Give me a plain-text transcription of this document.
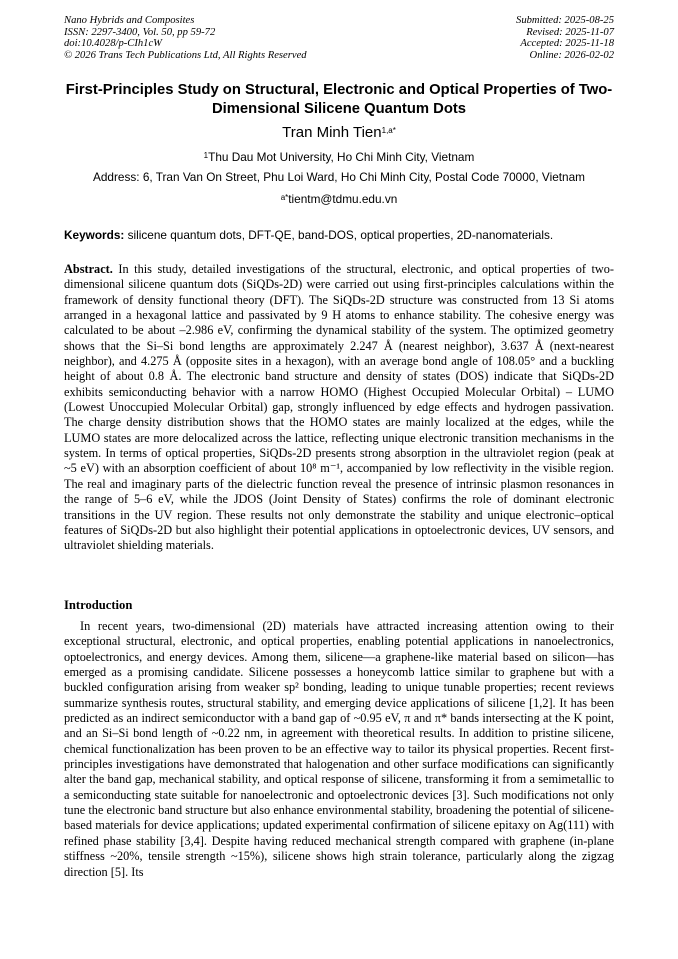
Nano Hybrids and Composites
ISSN: 2297-3400, Vol. 50, pp 59-72
doi:10.4028/p-CIh1cW
© 2026 Trans Tech Publications Ltd, All Rights Reserved
Submitted: 2025-08-25
Revised: 2025-11-07
Accepted: 2025-11-18
Online: 2026-02-02
First-Principles Study on Structural, Electronic and Optical Properties of Two-Dimensional Silicene Quantum Dots
Tran Minh Tien$^{1,a*}$
$^1$Thu Dau Mot University, Ho Chi Minh City, Vietnam
Address: 6, Tran Van On Street, Phu Loi Ward, Ho Chi Minh City, Postal Code 70000, Vietnam
$^{a*}$tientm@tdmu.edu.vn
Keywords: silicene quantum dots, DFT-QE, band-DOS, optical properties, 2D-nanomaterials.
Abstract. In this study, detailed investigations of the structural, electronic, and optical properties of two-dimensional silicene quantum dots (SiQDs-2D) were carried out using first-principles calculations within the framework of density functional theory (DFT). The SiQDs-2D structure was constructed from 13 Si atoms arranged in a hexagonal lattice and passivated by 9 H atoms to enhance stability. The cohesive energy was calculated to be about –2.986 eV, confirming the dynamical stability of the system. The optimized geometry shows that the Si–Si bond lengths are approximately 2.247 Å (nearest neighbor), 3.637 Å (next-nearest neighbor), and 4.275 Å (opposite sites in a hexagon), with an average bond angle of 108.05° and a buckling height of about 0.8 Å. The electronic band structure and density of states (DOS) indicate that SiQDs-2D exhibits semiconducting behavior with a narrow HOMO (Highest Occupied Molecular Orbital) – LUMO (Lowest Unoccupied Molecular Orbital) gap, strongly influenced by edge effects and hydrogen passivation. The charge density distribution shows that the HOMO states are mainly localized at the edges, while the LUMO states are more delocalized across the lattice, reflecting unique electronic transition mechanisms in the system. In terms of optical properties, SiQDs-2D presents strong absorption in the ultraviolet region (peak at ~5 eV) with an absorption coefficient of about 10⁸ m⁻¹, accompanied by low reflectivity in the visible region. The real and imaginary parts of the dielectric function reveal the presence of intrinsic plasmon resonances in the range of 5–6 eV, while the JDOS (Joint Density of States) confirms the role of dominant electronic transitions in the UV region. These results not only demonstrate the stability and unique electronic–optical features of SiQDs-2D but also highlight their potential applications in optoelectronic devices, UV sensors, and ultraviolet shielding materials.
Introduction
In recent years, two-dimensional (2D) materials have attracted increasing attention owing to their exceptional structural, electronic, and optical properties, enabling potential applications in nanoelectronics, optoelectronics, and energy devices. Among them, silicene—a graphene-like material based on silicon—has emerged as a promising candidate. Silicene possesses a honeycomb lattice similar to graphene but with a buckled configuration arising from weaker sp² bonding, leading to unique tunable properties; recent reviews summarize synthesis routes, structural stability, and emerging device applications of silicene [1,2]. It has been predicted as an indirect semiconductor with a band gap of ~0.95 eV, π and π* bands intersecting at the K point, and an Si–Si bond length of ~0.22 nm, in agreement with theoretical results. In addition to pristine silicene, chemical functionalization has been proven to be an effective way to tailor its physical properties. Recent first-principles investigations have demonstrated that halogenation and other surface modifications can significantly alter the band gap, mechanical stability, and optical response of silicene, transforming it from a semimetallic to a semiconducting state suitable for nanoelectronic and optoelectronic devices [3]. Such modifications not only tune the electronic band structure but also enhance environmental stability, broadening the potential of silicene-based materials for device applications; updated experimental confirmation of silicene epitaxy on Ag(111) with refined phase stability [3,4]. Despite having reduced mechanical strength compared with graphene (in-plane stiffness ~20%, tensile strength ~15%), silicene shows high strain tolerance, particularly along the zigzag direction [5]. Its
